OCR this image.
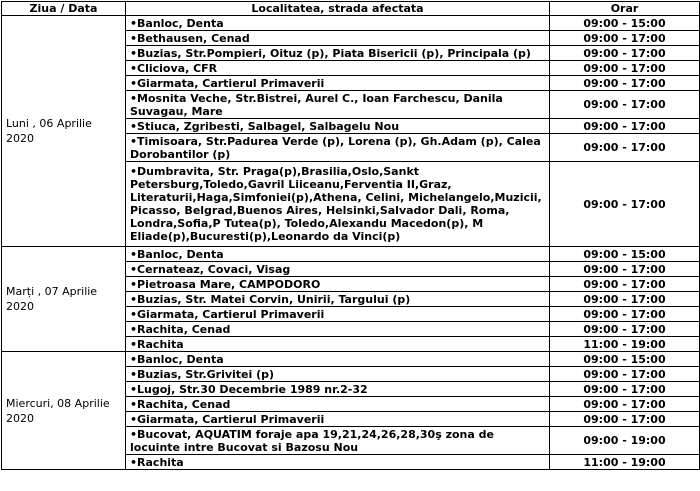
Ziua / Data	Localitatea, strada afectata	Orar
Luni , 06 Aprilie 2020	•Banloc, Denta	09:00 - 15:00
	•Bethausen, Cenad	09:00 - 17:00
	•Buzias, Str.Pompieri, Oituz (p), Piata Bisericii (p), Principala (p)	09:00 - 17:00
	•Cliciova, CFR	09:00 - 17:00
	•Giarmata, Cartierul Primaverii	09:00 - 17:00
	•Mosnita Veche, Str.Bistrei, Aurel C., Ioan Farchescu, Danila Suvagau, Mare	09:00 - 17:00
	•Stiuca, Zgribesti, Salbagel, Salbagelu Nou	09:00 - 17:00
	•Timisoara, Str.Padurea Verde (p), Lorena (p), Gh.Adam (p), Calea Dorobantilor (p)	09:00 - 17:00
	•Dumbravita, Str. Praga(p),Brasilia,Oslo,Sankt Petersburg,Toledo,Gavril Liiceanu,Ferventia II,Graz, Literaturii,Haga,Simfoniei(p),Athena, Celini, Michelangelo,Muzicii, Picasso, Belgrad,Buenos Aires, Helsinki,Salvador Dali, Roma, Londra,Sofia,P Tutea(p), Toledo,Alexandu Macedon(p), M Eliade(p),Bucuresti(p),Leonardo da Vinci(p)	09:00 - 17:00
Marți , 07 Aprilie 2020	•Banloc, Denta	09:00 - 15:00
	•Cernateaz, Covaci, Visag	09:00 - 17:00
	•Pietroasa Mare, CAMPODORO	09:00 - 17:00
	•Buzias, Str. Matei Corvin, Unirii, Targului (p)	09:00 - 17:00
	•Giarmata, Cartierul Primaverii	09:00 - 17:00
	•Rachita, Cenad	09:00 - 17:00
	•Rachita	11:00 - 19:00
Miercuri, 08 Aprilie 2020	•Banloc, Denta	09:00 - 15:00
	•Buzias, Str.Grivitei (p)	09:00 - 17:00
	•Lugoj, Str.30 Decembrie 1989 nr.2-32	09:00 - 17:00
	•Rachita, Cenad	09:00 - 17:00
	•Giarmata, Cartierul Primaverii	09:00 - 17:00
	•Bucovat, AQUATIM foraje apa 19,21,24,26,28,30ş zona de locuinte intre Bucovat si Bazosu Nou	09:00 - 19:00
	•Rachita	11:00 - 19:00
